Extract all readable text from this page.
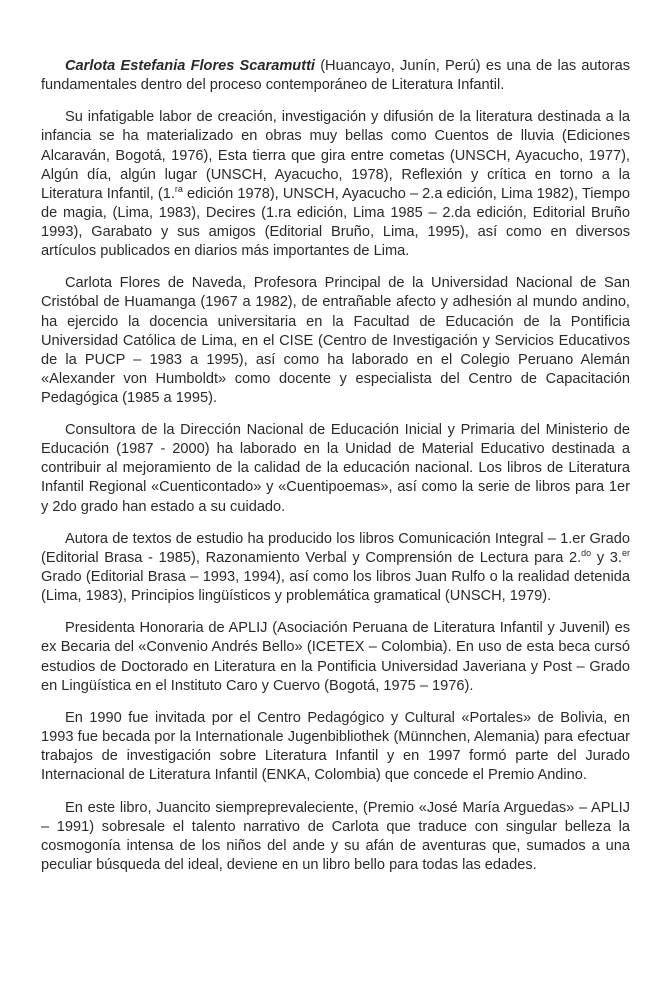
Carlota Estefania Flores Scaramutti (Huancayo, Junín, Perú) es una de las autoras fundamentales dentro del proceso contemporáneo de Literatura Infantil.

Su infatigable labor de creación, investigación y difusión de la literatura destinada a la infancia se ha materializado en obras muy bellas como Cuentos de lluvia (Ediciones Alcaraván, Bogotá, 1976), Esta tierra que gira entre cometas (UNSCH, Ayacucho, 1977), Algún día, algún lugar (UNSCH, Ayacucho, 1978), Reflexión y crítica en torno a la Literatura Infantil, (1.$^{ra}$ edición 1978), UNSCH, Ayacucho – 2.a edición, Lima 1982), Tiempo de magia, (Lima, 1983), Decires (1.ra edición, Lima 1985 – 2.da edición, Editorial Bruño 1993), Garabato y sus amigos (Editorial Bruño, Lima, 1995), así como en diversos artículos publicados en diarios más importantes de Lima.

Carlota Flores de Naveda, Profesora Principal de la Universidad Nacional de San Cristóbal de Huamanga (1967 a 1982), de entrañable afecto y adhesión al mundo andino, ha ejercido la docencia universitaria en la Facultad de Educación de la Pontificia Universidad Católica de Lima, en el CISE (Centro de Investigación y Servicios Educativos de la PUCP – 1983 a 1995), así como ha laborado en el Colegio Peruano Alemán «Alexander von Humboldt» como docente y especialista del Centro de Capacitación Pedagógica (1985 a 1995).

Consultora de la Dirección Nacional de Educación Inicial y Primaria del Ministerio de Educación (1987 - 2000) ha laborado en la Unidad de Material Educativo destinada a contribuir al mejoramiento de la calidad de la educación nacional. Los libros de Literatura Infantil Regional «Cuenticontado» y «Cuentipoemas», así como la serie de libros para 1er y 2do grado han estado a su cuidado.

Autora de textos de estudio ha producido los libros Comunicación Integral – 1.er Grado (Editorial Brasa - 1985), Razonamiento Verbal y Comprensión de Lectura para 2.$^{do}$ y 3.$^{er}$ Grado (Editorial Brasa – 1993, 1994), así como los libros Juan Rulfo o la realidad detenida (Lima, 1983), Principios lingüísticos y problemática gramatical (UNSCH, 1979).

Presidenta Honoraria de APLIJ (Asociación Peruana de Literatura Infantil y Juvenil) es ex Becaria del «Convenio Andrés Bello» (ICETEX – Colombia). En uso de esta beca cursó estudios de Doctorado en Literatura en la Pontificia Universidad Javeriana y Post – Grado en Lingüística en el Instituto Caro y Cuervo (Bogotá, 1975 – 1976).

En 1990 fue invitada por el Centro Pedagógico y Cultural «Portales» de Bolivia, en 1993 fue becada por la Internationale Jugenbibliothek (Münnchen, Alemania) para efectuar trabajos de investigación sobre Literatura Infantil y en 1997 formó parte del Jurado Internacional de Literatura Infantil (ENKA, Colombia) que concede el Premio Andino.

En este libro, Juancito siempreprevaleciente, (Premio «José María Arguedas» – APLIJ – 1991) sobresale el talento narrativo de Carlota que traduce con singular belleza la cosmogonía intensa de los niños del ande y su afán de aventuras que, sumados a una peculiar búsqueda del ideal, deviene en un libro bello para todas las edades.
